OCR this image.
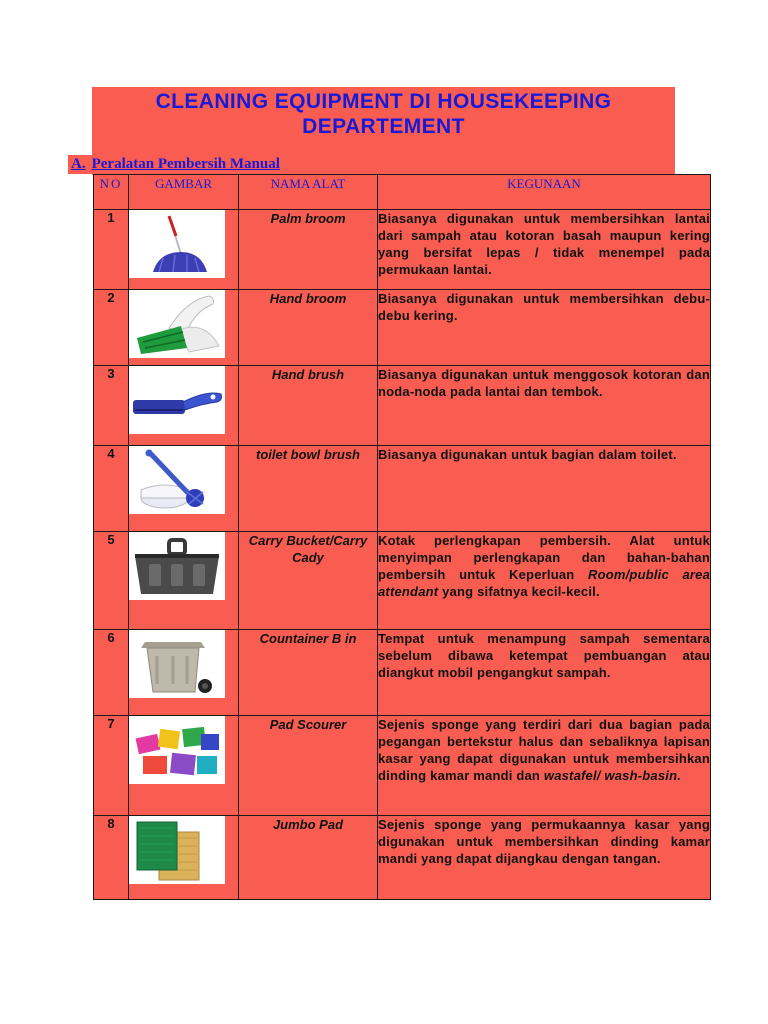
CLEANING EQUIPMENT DI HOUSEKEEPING DEPARTEMENT
A. Peralatan Pembersih Manual
NO	GAMBAR	NAMA ALAT	KEGUNAAN
1		Palm broom	Biasanya digunakan untuk membersihkan lantai dari sampah atau kotoran basah maupun kering yang bersifat lepas / tidak menempel pada permukaan lantai.
2		Hand broom	Biasanya digunakan untuk membersihkan debu-debu kering.
3		Hand brush	Biasanya digunakan untuk menggosok kotoran dan noda-noda pada lantai dan tembok.
4		toilet bowl brush	Biasanya digunakan untuk bagian dalam toilet.
5		Carry Bucket/Carry Cady	Kotak perlengkapan pembersih. Alat untuk menyimpan perlengkapan dan bahan-bahan pembersih untuk Keperluan Room/public area attendant yang sifatnya kecil-kecil.
6		Countainer B in	Tempat untuk menampung sampah sementara sebelum dibawa ketempat pembuangan atau diangkut mobil pengangkut sampah.
7		Pad Scourer	Sejenis sponge yang terdiri dari dua bagian pada pegangan bertekstur halus dan sebaliknya lapisan kasar yang dapat digunakan untuk membersihkan dinding kamar mandi dan wastafel/ wash-basin.
8		Jumbo Pad	Sejenis sponge yang permukaannya kasar yang digunakan untuk membersihkan dinding kamar mandi yang dapat dijangkau dengan tangan.
